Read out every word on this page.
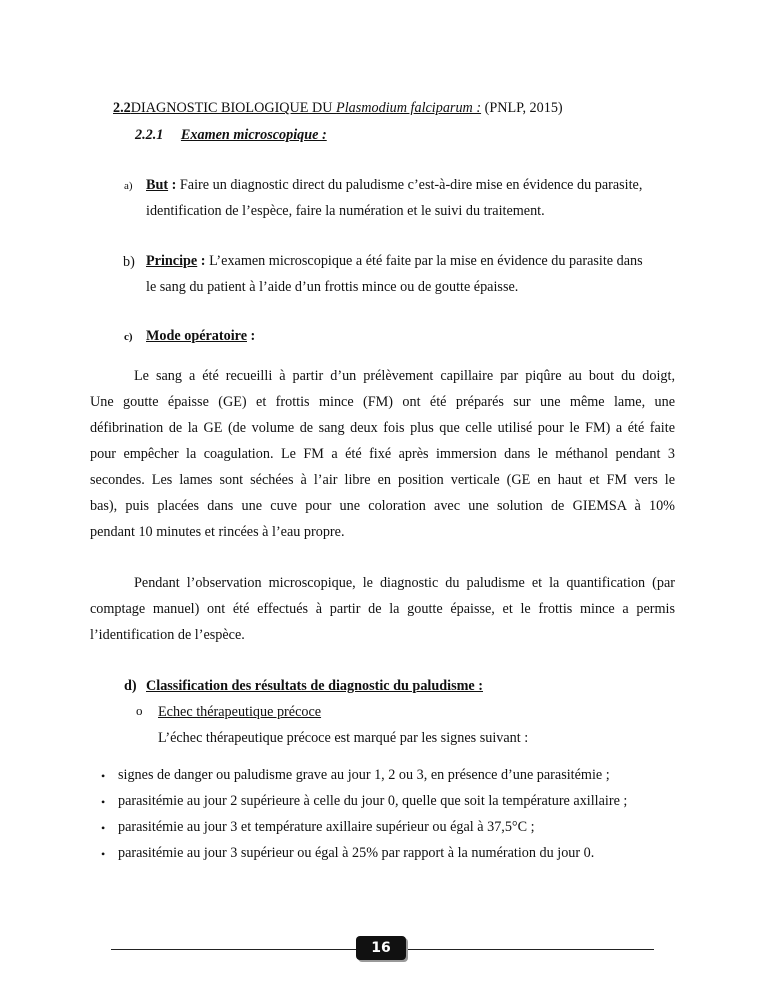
2.2DIAGNOSTIC BIOLOGIQUE DU Plasmodium falciparum : (PNLP, 2015)
2.2.1 Examen microscopique :
a) But : Faire un diagnostic direct du paludisme c’est-à-dire mise en évidence du parasite,
identification de l’espèce, faire la numération et le suivi du traitement.
b) Principe : L’examen microscopique a été faite par la mise en évidence du parasite dans
le sang du patient à l’aide d’un frottis mince ou de goutte épaisse.
c) Mode opératoire :
Le sang a été recueilli à partir d’un prélèvement capillaire par piqûre au bout du doigt,
Une goutte épaisse (GE) et frottis mince (FM) ont été préparés sur une même lame, une
défibrination de la GE (de volume de sang deux fois plus que celle utilisé pour le FM) a été faite
pour empêcher la coagulation. Le FM a été fixé après immersion dans le méthanol pendant 3
secondes. Les lames sont séchées à l’air libre en position verticale (GE en haut et FM vers le
bas), puis placées dans une cuve pour une coloration avec une solution de GIEMSA à 10%
pendant 10 minutes et rincées à l’eau propre.
Pendant l’observation microscopique, le diagnostic du paludisme et la quantification (par
comptage manuel) ont été effectués à partir de la goutte épaisse, et le frottis mince a permis
l’identification de l’espèce.
d) Classification des résultats de diagnostic du paludisme :
o Echec thérapeutique précoce
L’échec thérapeutique précoce est marqué par les signes suivant :
• signes de danger ou paludisme grave au jour 1, 2 ou 3, en présence d’une parasitémie ;
• parasitémie au jour 2 supérieure à celle du jour 0, quelle que soit la température axillaire ;
• parasitémie au jour 3 et température axillaire supérieur ou égal à 37,5°C ;
• parasitémie au jour 3 supérieur ou égal à 25% par rapport à la numération du jour 0.
16
